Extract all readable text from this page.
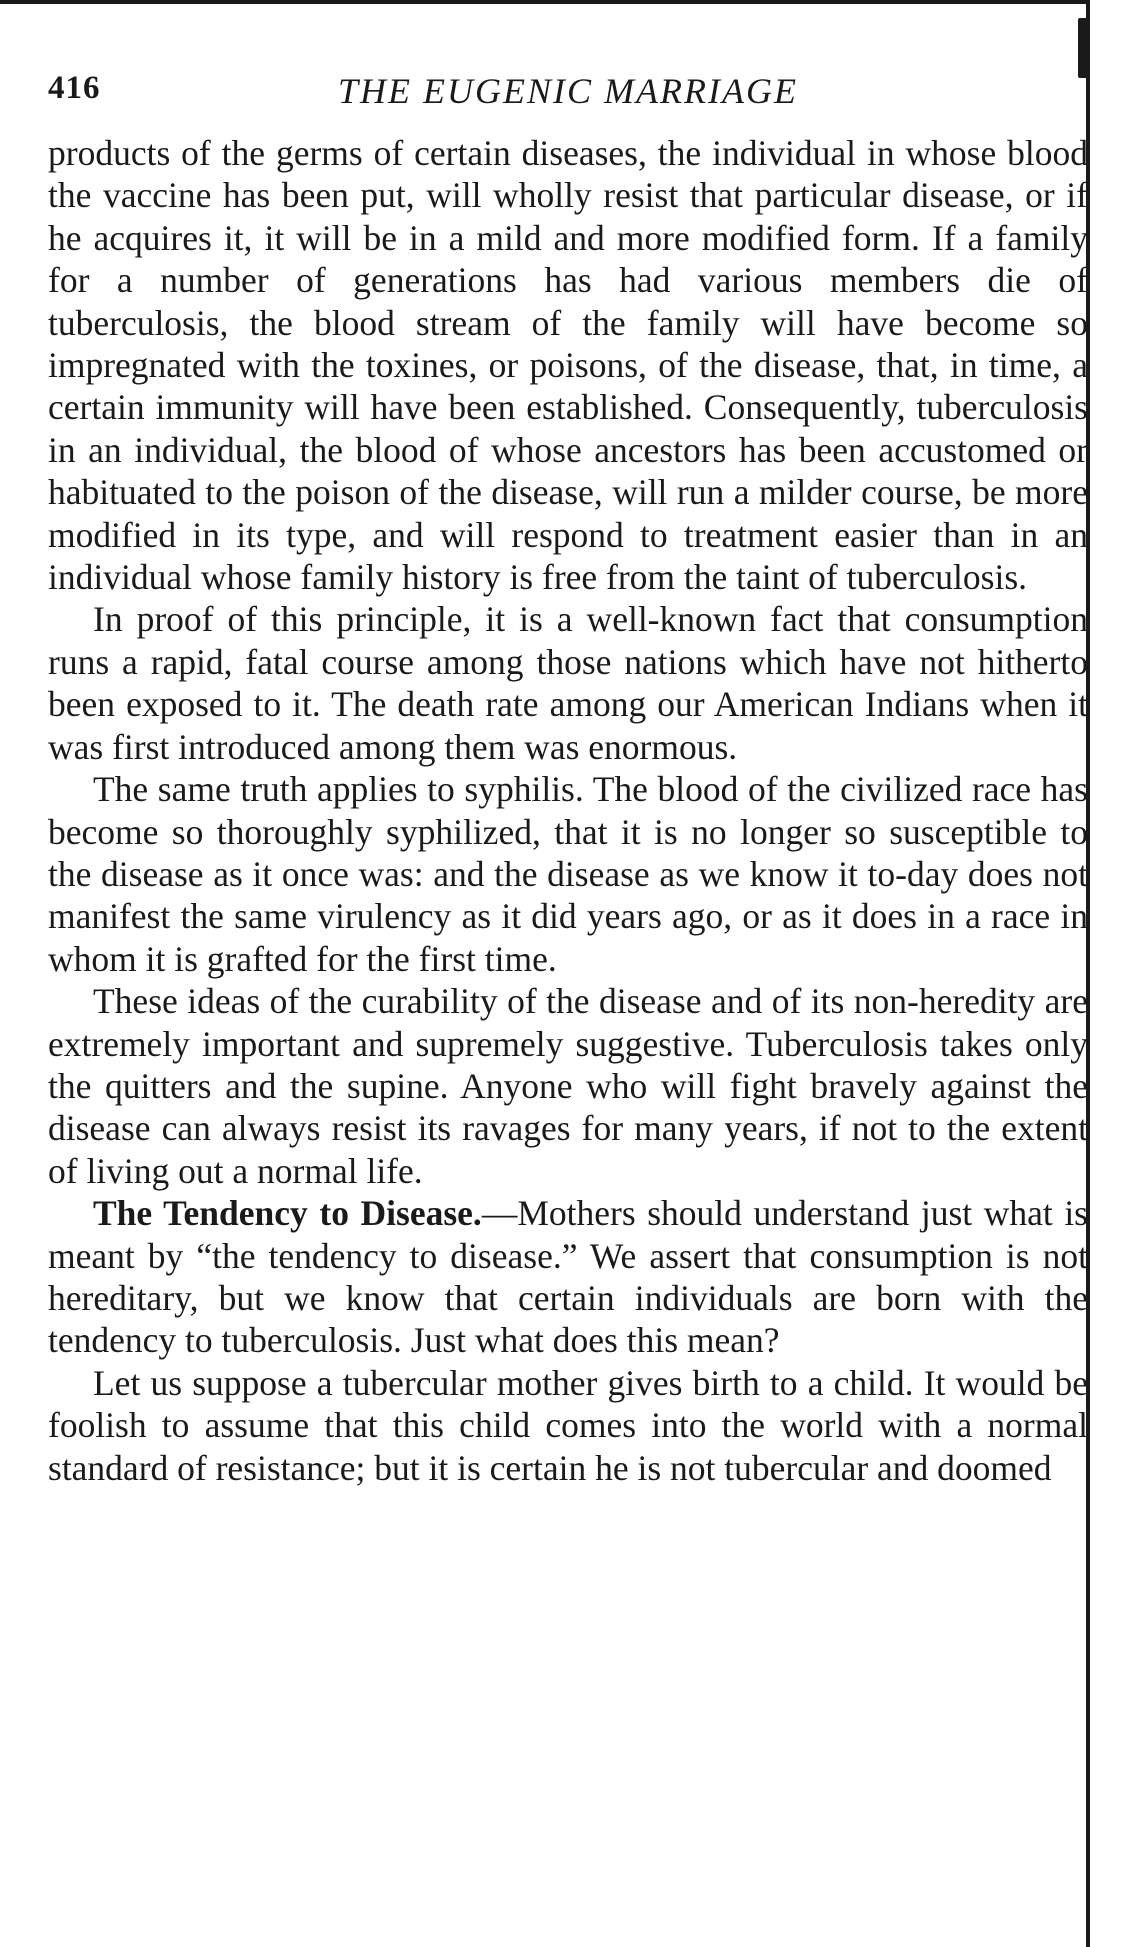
416	THE EUGENIC MARRIAGE

products of the germs of certain diseases, the individual in whose blood the vaccine has been put, will wholly resist that particular disease, or if he acquires it, it will be in a mild and more modified form. If a family for a number of generations has had various members die of tuberculosis, the blood stream of the family will have become so impregnated with the toxines, or poisons, of the disease, that, in time, a certain immunity will have been established. Consequently, tuberculosis in an individual, the blood of whose ancestors has been accustomed or habituated to the poison of the disease, will run a milder course, be more modified in its type, and will respond to treatment easier than in an individual whose family history is free from the taint of tuberculosis.

In proof of this principle, it is a well-known fact that consumption runs a rapid, fatal course among those nations which have not hitherto been exposed to it. The death rate among our American Indians when it was first introduced among them was enormous.

The same truth applies to syphilis. The blood of the civilized race has become so thoroughly syphilized, that it is no longer so susceptible to the disease as it once was: and the disease as we know it to-day does not manifest the same virulency as it did years ago, or as it does in a race in whom it is grafted for the first time.

These ideas of the curability of the disease and of its non-heredity are extremely important and supremely suggestive. Tuberculosis takes only the quitters and the supine. Anyone who will fight bravely against the disease can always resist its ravages for many years, if not to the extent of living out a normal life.

The Tendency to Disease.—Mothers should understand just what is meant by “the tendency to disease.” We assert that consumption is not hereditary, but we know that certain individuals are born with the tendency to tuberculosis. Just what does this mean?

Let us suppose a tubercular mother gives birth to a child. It would be foolish to assume that this child comes into the world with a normal standard of resistance; but it is certain he is not tubercular and doomed
